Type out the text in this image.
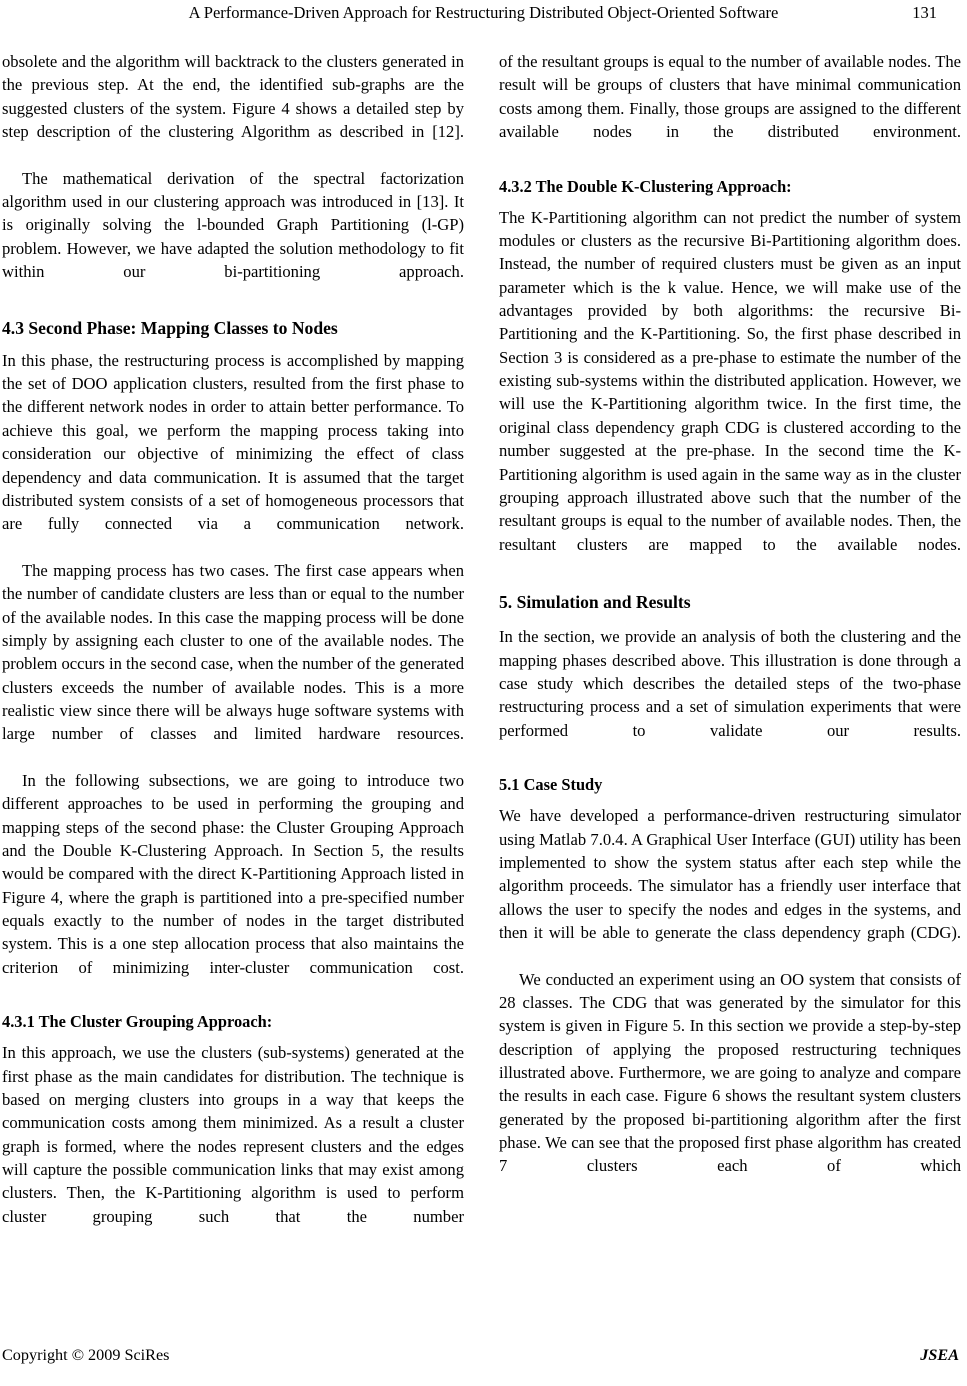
A Performance-Driven Approach for Restructuring Distributed Object-Oriented Software	131

obsolete and the algorithm will backtrack to the clusters generated in the previous step. At the end, the identified sub-graphs are the suggested clusters of the system. Figure 4 shows a detailed step by step description of the clustering Algorithm as described in [12].

The mathematical derivation of the spectral factorization algorithm used in our clustering approach was introduced in [13]. It is originally solving the l-bounded Graph Partitioning (l-GP) problem. However, we have adapted the solution methodology to fit within our bi-partitioning approach.

4.3 Second Phase: Mapping Classes to Nodes

In this phase, the restructuring process is accomplished by mapping the set of DOO application clusters, resulted from the first phase to the different network nodes in order to attain better performance. To achieve this goal, we perform the mapping process taking into consideration our objective of minimizing the effect of class dependency and data communication. It is assumed that the target distributed system consists of a set of homogeneous processors that are fully connected via a communication network.

The mapping process has two cases. The first case appears when the number of candidate clusters are less than or equal to the number of the available nodes. In this case the mapping process will be done simply by assigning each cluster to one of the available nodes. The problem occurs in the second case, when the number of the generated clusters exceeds the number of available nodes. This is a more realistic view since there will be always huge software systems with large number of classes and limited hardware resources.

In the following subsections, we are going to introduce two different approaches to be used in performing the grouping and mapping steps of the second phase: the Cluster Grouping Approach and the Double K-Clustering Approach. In Section 5, the results would be compared with the direct K-Partitioning Approach listed in Figure 4, where the graph is partitioned into a pre-specified number equals exactly to the number of nodes in the target distributed system. This is a one step allocation process that also maintains the criterion of minimizing inter-cluster communication cost.

4.3.1 The Cluster Grouping Approach:

In this approach, we use the clusters (sub-systems) generated at the first phase as the main candidates for distribution. The technique is based on merging clusters into groups in a way that keeps the communication costs among them minimized. As a result a cluster graph is formed, where the nodes represent clusters and the edges will capture the possible communication links that may exist among clusters. Then, the K-Partitioning algorithm is used to perform cluster grouping such that the number

of the resultant groups is equal to the number of available nodes. The result will be groups of clusters that have minimal communication costs among them. Finally, those groups are assigned to the different available nodes in the distributed environment.

4.3.2 The Double K-Clustering Approach:

The K-Partitioning algorithm can not predict the number of system modules or clusters as the recursive Bi-Partitioning algorithm does. Instead, the number of required clusters must be given as an input parameter which is the k value. Hence, we will make use of the advantages provided by both algorithms: the recursive Bi-Partitioning and the K-Partitioning. So, the first phase described in Section 3 is considered as a pre-phase to estimate the number of the existing sub-systems within the distributed application. However, we will use the K-Partitioning algorithm twice. In the first time, the original class dependency graph CDG is clustered according to the number suggested at the pre-phase. In the second time the K-Partitioning algorithm is used again in the same way as in the cluster grouping approach illustrated above such that the number of the resultant groups is equal to the number of available nodes. Then, the resultant clusters are mapped to the available nodes.

5. Simulation and Results

In the section, we provide an analysis of both the clustering and the mapping phases described above. This illustration is done through a case study which describes the detailed steps of the two-phase restructuring process and a set of simulation experiments that were performed to validate our results.

5.1 Case Study

We have developed a performance-driven restructuring simulator using Matlab 7.0.4. A Graphical User Interface (GUI) utility has been implemented to show the system status after each step while the algorithm proceeds. The simulator has a friendly user interface that allows the user to specify the nodes and edges in the systems, and then it will be able to generate the class dependency graph (CDG).

We conducted an experiment using an OO system that consists of 28 classes. The CDG that was generated by the simulator for this system is given in Figure 5. In this section we provide a step-by-step description of applying the proposed restructuring techniques illustrated above. Furthermore, we are going to analyze and compare the results in each case. Figure 6 shows the resultant system clusters generated by the proposed bi-partitioning algorithm after the first phase. We can see that the proposed first phase algorithm has created 7 clusters each of which

Copyright © 2009 SciRes	JSEA
